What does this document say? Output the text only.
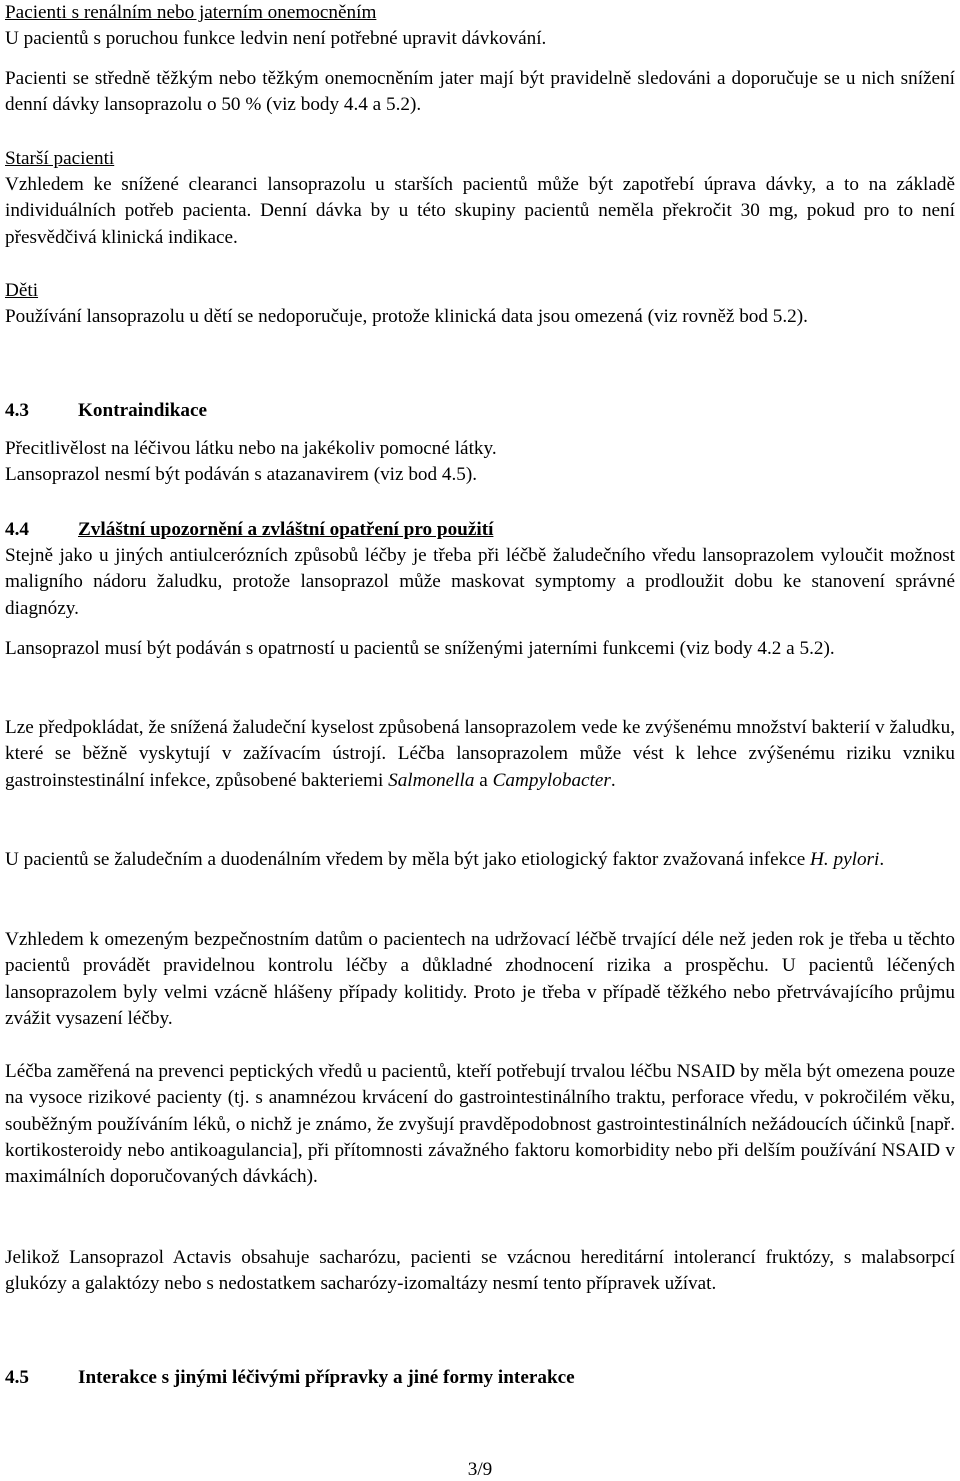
Pacienti s renálním nebo jaterním onemocněním

U pacientů s poruchou funkce ledvin není potřebné upravit dávkování.

Pacienti se středně těžkým nebo těžkým onemocněním jater mají být pravidelně sledováni a doporučuje se u nich snížení denní dávky lansoprazolu o 50 % (viz body 4.4 a 5.2).

Starší pacienti

Vzhledem ke snížené clearanci lansoprazolu u starších pacientů může být zapotřebí úprava dávky, a to na základě individuálních potřeb pacienta. Denní dávka by u této skupiny pacientů neměla překročit 30 mg, pokud pro to není přesvědčivá klinická indikace.

Děti

Používání lansoprazolu u dětí se nedoporučuje, protože klinická data jsou omezená (viz rovněž bod 5.2).

4.3	Kontraindikace

Přecitlivělost na léčivou látku nebo na jakékoliv pomocné látky.

Lansoprazol nesmí být podáván s atazanavirem (viz bod 4.5).

4.4	Zvláštní upozornění a zvláštní opatření pro použití

Stejně jako u jiných antiulcerózních způsobů léčby je třeba při léčbě žaludečního vředu lansoprazolem vyloučit možnost maligního nádoru žaludku, protože lansoprazol může maskovat symptomy a prodloužit dobu ke stanovení správné diagnózy.

Lansoprazol musí být podáván s opatrností u pacientů se sníženými jaterními funkcemi (viz body 4.2 a 5.2).

Lze předpokládat, že snížená žaludeční kyselost způsobená lansoprazolem vede ke zvýšenému množství bakterií v žaludku, které se běžně vyskytují v zažívacím ústrojí. Léčba lansoprazolem může vést k lehce zvýšenému riziku vzniku gastroinstestinální infekce, způsobené bakteriemi Salmonella a Campylobacter.

U pacientů se žaludečním a duodenálním vředem by měla být jako etiologický faktor zvažovaná infekce H. pylori.

Vzhledem k omezeným bezpečnostním datům o pacientech na udržovací léčbě trvající déle než jeden rok je třeba u těchto pacientů provádět pravidelnou kontrolu léčby a důkladné zhodnocení rizika a prospěchu. U pacientů léčených lansoprazolem byly velmi vzácně hlášeny případy kolitidy. Proto je třeba v případě těžkého nebo přetrvávajícího průjmu zvážit vysazení léčby.

Léčba zaměřená na prevenci peptických vředů u pacientů, kteří potřebují trvalou léčbu NSAID by měla být omezena pouze na vysoce rizikové pacienty (tj. s anamnézou krvácení do gastrointestinálního traktu, perforace vředu, v pokročilém věku, souběžným používáním léků, o nichž je známo, že zvyšují pravděpodobnost gastrointestinálních nežádoucích účinků [např. kortikosteroidy nebo antikoagulancia], při přítomnosti závažného faktoru komorbidity nebo při delším používání NSAID v maximálních doporučovaných dávkách).

Jelikož Lansoprazol Actavis obsahuje sacharózu, pacienti se vzácnou hereditární intolerancí fruktózy, s malabsorpcí glukózy a galaktózy nebo s nedostatkem sacharózy-izomaltázy nesmí tento přípravek užívat.

4.5	Interakce s jinými léčivými přípravky a jiné formy interakce
3/9
